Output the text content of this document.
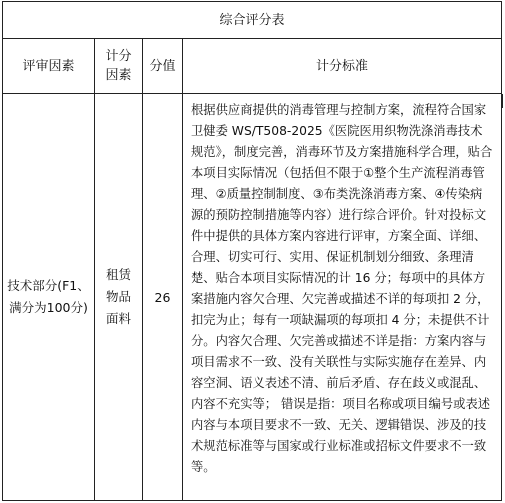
综合评分表			
评审因素	计分因素	分值	计分标准
技术部分(F1、满分为100分)	租赁物品面料	26	根据供应商提供的消毒管理与控制方案，流程符合国家卫健委 WS/T508-2025《医院医用织物洗涤消毒技术规范》，制度完善，消毒环节及方案措施科学合理，贴合本项目实际情况（包括但不限于①整个生产流程消毒管理、②质量控制制度、③布类洗涤消毒方案、④传染病源的预防控制措施等内容）进行综合评价。针对投标文件中提供的具体方案内容进行评审，方案全面、详细、合理、切实可行、实用、保证机制划分细致、条理清楚、贴合本项目实际情况的计 16 分；每项中的具体方案措施内容欠合理、欠完善或描述不详的每项扣 2 分，扣完为止；每有一项缺漏项的每项扣 4 分；未提供不计分。内容欠合理、欠完善或描述不详是指：方案内容与项目需求不一致、没有关联性与实际实施存在差异、内容空洞、语义表述不清、前后矛盾、存在歧义或混乱、内容不充实等； 错误是指：项目名称或项目编号或表述内容与本项目要求不一致、无关、逻辑错误、涉及的技术规范标准等与国家或行业标准或招标文件要求不一致等。
